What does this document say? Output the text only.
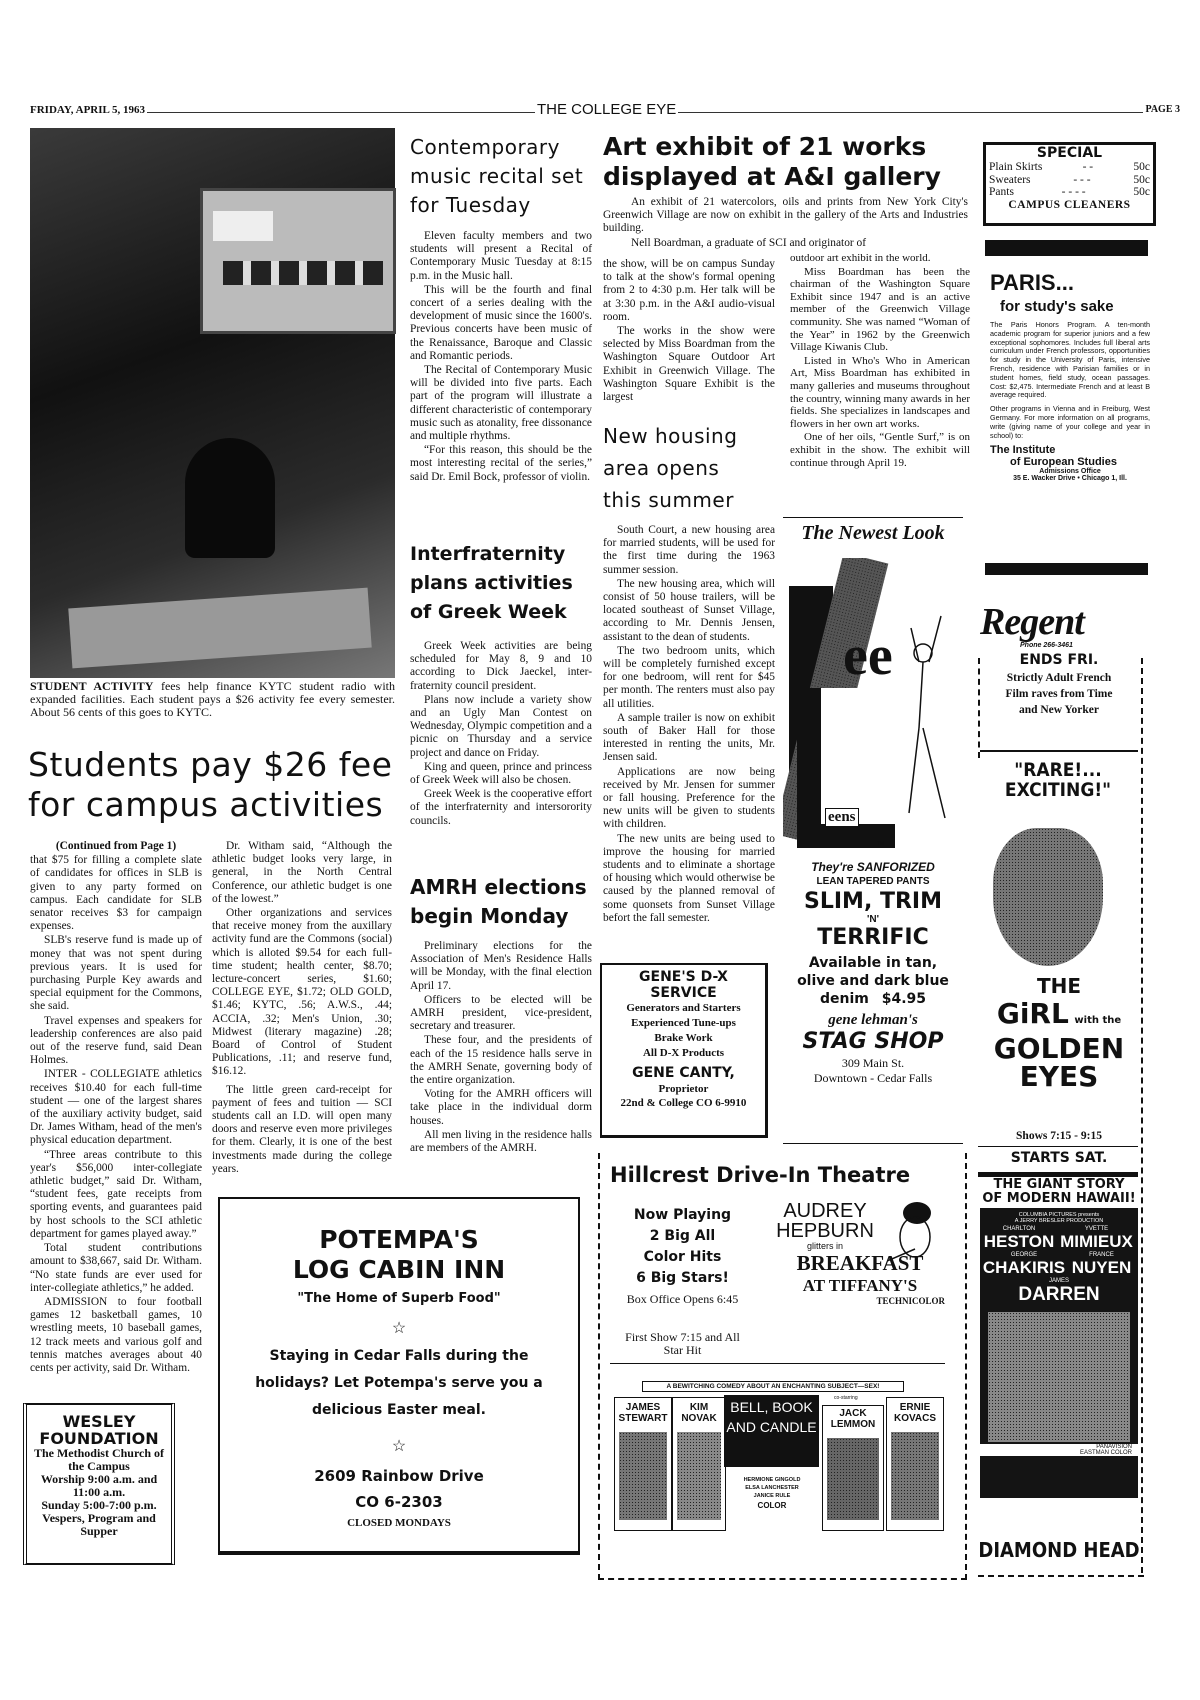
FRIDAY, APRIL 5, 1963	THE COLLEGE EYE	PAGE 3
STUDENT ACTIVITY fees help finance KYTC student radio with expanded facilities. Each student pays a $26 activity fee every semester. About 56 cents of this goes to KYTC.
Students pay $26 fee for campus activities

(Continued from Page 1)

that $75 for filling a complete slate of candidates for offices in SLB is given to any party formed on campus. Each candidate for SLB senator receives $3 for campaign expenses.

SLB's reserve fund is made up of money that was not spent during previous years. It is used for purchasing Purple Key awards and special equipment for the Commons, she said.

Travel expenses and speakers for leadership conferences are also paid out of the reserve fund, said Dean Holmes.

INTER - COLLEGIATE athletics receives $10.40 for each full-time student — one of the largest shares of the auxiliary activity budget, said Dr. James Witham, head of the men's physical education department.

“Three areas contribute to this year's $56,000 inter-collegiate athletic budget,” said Dr. Witham, “student fees, gate receipts from sporting events, and guarantees paid by host schools to the SCI athletic department for games played away.”

Total student contributions amount to $38,667, said Dr. Witham. “No state funds are ever used for inter-collegiate athletics,” he added.

ADMISSION to four football games 12 basketball games, 10 wrestling meets, 10 baseball games, 12 track meets and various golf and tennis matches averages about 40 cents per activity, said Dr. Witham.

Dr. Witham said, “Although the athletic budget looks very large, in general, in the North Central Conference, our athletic budget is one of the lowest.”

Other organizations and services that receive money from the auxillary activity fund are the Commons (social) which is alloted $9.54 for each full-time student; health center, $8.70; lecture-concert series, $1.60; COLLEGE EYE, $1.72; OLD GOLD, $1.46; KYTC, .56; A.W.S., .44; ACCIA, .32; Men's Union, .30; Midwest (literary magazine) .28; Board of Control of Student Publications, .11; and reserve fund, $16.12.

The little green card-receipt for payment of fees and tuition — SCI students call an I.D. will open many doors and reserve even more privileges for them. Clearly, it is one of the best investments made during the college years.

WESLEY
FOUNDATION
The Methodist Church of the Campus
Worship 9:00 a.m. and 11:00 a.m.
Sunday 5:00-7:00 p.m.
Vespers, Program and Supper
POTEMPA'S
LOG CABIN INN
"The Home of Superb Food"
☆
Staying in Cedar Falls during the holidays? Let Potempa's serve you a delicious Easter meal.
☆
2609 Rainbow Drive
CO 6-2303
CLOSED MONDAYS
Contemporary music recital set for Tuesday

Eleven faculty members and two students will present a Recital of Contemporary Music Tuesday at 8:15 p.m. in the Music hall.

This will be the fourth and final concert of a series dealing with the development of music since the 1600's. Previous concerts have been music of the Renaissance, Baroque and Classic and Romantic periods.

The Recital of Contemporary Music will be divided into five parts. Each part of the program will illustrate a different characteristic of contemporary music such as atonality, free dissonance and multiple rhythms.

“For this reason, this should be the most interesting recital of the series,” said Dr. Emil Bock, professor of violin.

Interfraternity plans activities of Greek Week

Greek Week activities are being scheduled for May 8, 9 and 10 according to Dick Jaeckel, inter-fraternity council president.

Plans now include a variety show and an Ugly Man Contest on Wednesday, Olympic competition and a picnic on Thursday and a service project and dance on Friday.

King and queen, prince and princess of Greek Week will also be chosen.

Greek Week is the cooperative effort of the interfraternity and intersorority councils.

AMRH elections begin Monday

Preliminary elections for the Association of Men's Residence Halls will be Monday, with the final election April 17.

Officers to be elected will be AMRH president, vice-president, secretary and treasurer.

These four, and the presidents of each of the 15 residence halls serve in the AMRH Senate, governing body of the entire organization.

Voting for the AMRH officers will take place in the individual dorm houses.

All men living in the residence halls are members of the AMRH.

Art exhibit of 21 works displayed at A&I gallery

An exhibit of 21 watercolors, oils and prints from New York City's Greenwich Village are now on exhibit in the gallery of the Arts and Industries building.

Nell Boardman, a graduate of SCI and originator of

the show, will be on campus Sunday to talk at the show's formal opening from 2 to 4:30 p.m. Her talk will be at 3:30 p.m. in the A&I audio-visual room.

The works in the show were selected by Miss Boardman from the Washington Square Outdoor Art Exhibit in Greenwich Village. The Washington Square Exhibit is the largest

outdoor art exhibit in the world.

Miss Boardman has been the chairman of the Washington Square Exhibit since 1947 and is an active member of the Greenwich Village community. She was named “Woman of the Year” in 1962 by the Greenwich Village Kiwanis Club.

Listed in Who's Who in American Art, Miss Boardman has exhibited in many galleries and museums throughout the country, winning many awards in her fields. She specializes in landscapes and flowers in her own art works.

One of her oils, “Gentle Surf,” is on exhibit in the show. The exhibit will continue through April 19.

New housing area opens this summer

South Court, a new housing area for married students, will be used for the first time during the 1963 summer session.

The new housing area, which will consist of 50 house trailers, will be located southeast of Sunset Village, according to Mr. Dennis Jensen, assistant to the dean of students.

The two bedroom units, which will be completely furnished except for one bedroom, will rent for $45 per month. The renters must also pay all utilities.

A sample trailer is now on exhibit south of Baker Hall for those interested in renting the units, Mr. Jensen said.

Applications are now being received by Mr. Jensen for summer or fall housing. Preference for the new units will be given to students with children.

The new units are being used to improve the housing for married students and to eliminate a shortage of housing which would otherwise be caused by the planned removal of some quonsets from Sunset Village befort the fall semester.

GENE'S D-X
SERVICE
Generators and Starters
Experienced Tune-ups
Brake Work
All D-X Products
GENE CANTY,
Proprietor
22nd & College CO 6-9910
The Newest Look
ee
eens
TM
They're SANFORIZED
LEAN TAPERED PANTS
SLIM, TRIM
'N'
TERRIFIC
Available in tan, olive and dark blue denim $4.95
gene lehman's
STAG SHOP
309 Main St.
Downtown - Cedar Falls
SPECIAL
Plain Skirts	- -	50c
Sweaters	- - -	50c
Pants	- - - -	50c
CAMPUS CLEANERS
PARIS...
for study's sake
The Paris Honors Program. A ten-month academic program for superior juniors and a few exceptional sophomores. Includes full liberal arts curriculum under French professors, opportunities for study in the University of Paris, intensive French, residence with Parisian families or in student homes, field study, ocean passages. Cost: $2,475. Intermediate French and at least B average required.
Other programs in Vienna and in Freiburg, West Germany. For more information on all programs, write (giving name of your college and year in school) to:
The Institute
of European Studies
Admissions Office
35 E. Wacker Drive • Chicago 1, Ill.
Regent
Phone 266-3461
ENDS FRI.
Strictly Adult French Film raves from Time and New Yorker
"RARE!... EXCITING!"
THE
GiRL with the
GOLDEN
EYES
Shows 7:15 - 9:15
STARTS SAT.
THE GIANT STORY
OF MODERN HAWAII!
COLUMBIA PICTURES presents
A JERRY BRESLER PRODUCTION
CHARLTON
HESTON
YVETTE
MIMIEUX
GEORGE
CHAKIRIS
FRANCE
NUYEN
JAMES
DARREN
PANAVISION
EASTMAN COLOR
DIAMOND HEAD
Hillcrest Drive-In Theatre
Now Playing
2 Big All
Color Hits
6 Big Stars!
Box Office Opens 6:45
First Show 7:15 and All Star Hit
AUDREY
HEPBURN
glitters in
BREAKFAST
AT TIFFANY'S
TECHNICOLOR
A BEWITCHING COMEDY ABOUT AN ENCHANTING SUBJECT—SEX!
BELL, BOOK AND CANDLE
co-starring
JAMES STEWART
KIM NOVAK
HERMIONE GINGOLD
ELSA LANCHESTER
JANICE RULE
COLOR
JACK LEMMON
ERNIE KOVACS
